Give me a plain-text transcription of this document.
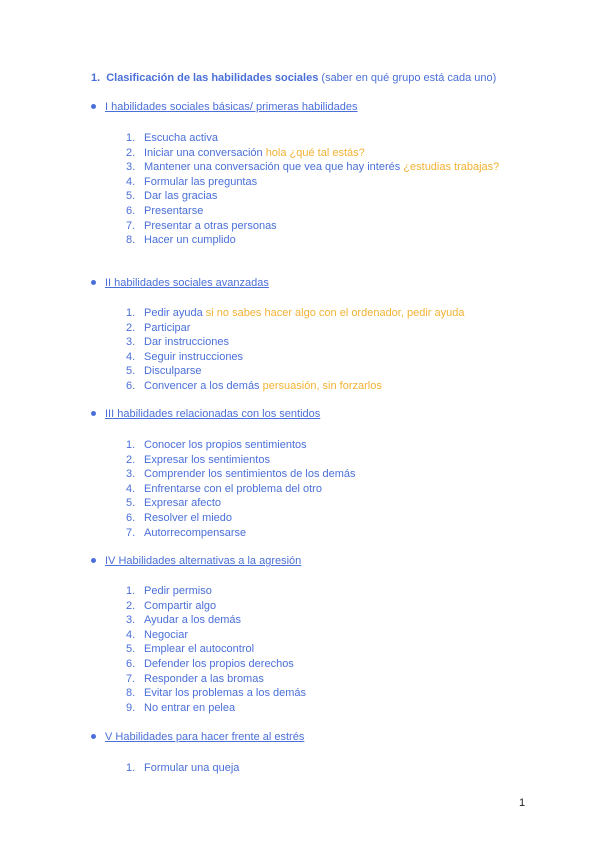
1. Clasificación de las habilidades sociales (saber en qué grupo está cada uno)
I habilidades sociales básicas/ primeras habilidades
1. Escucha activa
2. Iniciar una conversación hola ¿qué tal estás?
3. Mantener una conversación que vea que hay interés ¿estudias trabajas?
4. Formular las preguntas
5. Dar las gracias
6. Presentarse
7. Presentar a otras personas
8. Hacer un cumplido
II habilidades sociales avanzadas
1. Pedir ayuda si no sabes hacer algo con el ordenador, pedir ayuda
2. Participar
3. Dar instrucciones
4. Seguir instrucciones
5. Disculparse
6. Convencer a los demás persuasión, sin forzarlos
III habilidades relacionadas con los sentidos
1. Conocer los propios sentimientos
2. Expresar los sentimientos
3. Comprender los sentimientos de los demás
4. Enfrentarse con el problema del otro
5. Expresar afecto
6. Resolver el miedo
7. Autorrecompensarse
IV Habilidades alternativas a la agresión
1. Pedir permiso
2. Compartir algo
3. Ayudar a los demás
4. Negociar
5. Emplear el autocontrol
6. Defender los propios derechos
7. Responder a las bromas
8. Evitar los problemas a los demás
9. No entrar en pelea
V Habilidades para hacer frente al estrés
1. Formular una queja
1
